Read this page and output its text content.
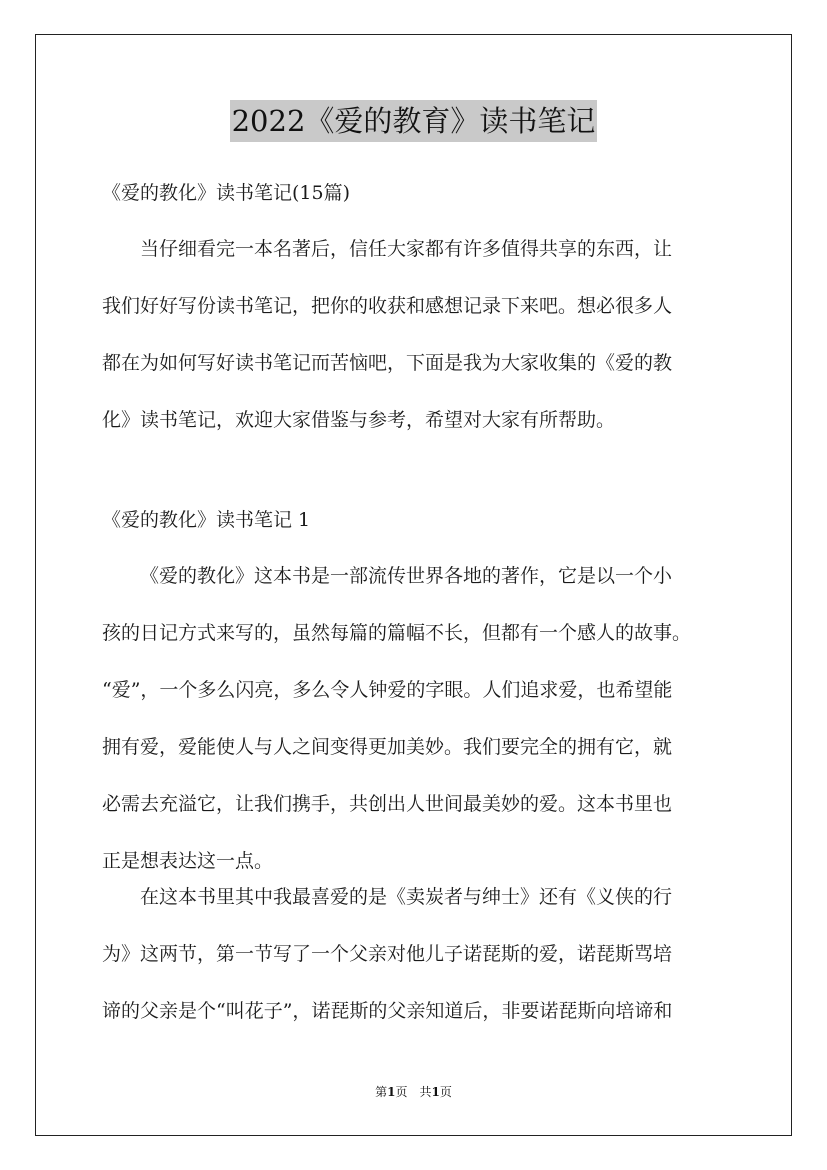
2022《爱的教育》读书笔记
《爱的教化》读书笔记(15篇)
当仔细看完一本名著后，信任大家都有许多值得共享的东西，让
我们好好写份读书笔记，把你的收获和感想记录下来吧。想必很多人
都在为如何写好读书笔记而苦恼吧，下面是我为大家收集的《爱的教
化》读书笔记，欢迎大家借鉴与参考，希望对大家有所帮助。
《爱的教化》读书笔记 1
《爱的教化》这本书是一部流传世界各地的著作，它是以一个小
孩的日记方式来写的，虽然每篇的篇幅不长，但都有一个感人的故事。
“爱”，一个多么闪亮，多么令人钟爱的字眼。人们追求爱，也希望能
拥有爱，爱能使人与人之间变得更加美妙。我们要完全的拥有它，就
必需去充溢它，让我们携手，共创出人世间最美妙的爱。这本书里也
正是想表达这一点。
在这本书里其中我最喜爱的是《卖炭者与绅士》还有《义侠的行
为》这两节，第一节写了一个父亲对他儿子诺琵斯的爱，诺琵斯骂培
谛的父亲是个“叫花子”，诺琵斯的父亲知道后，非要诺琵斯向培谛和
第1页　共1页
